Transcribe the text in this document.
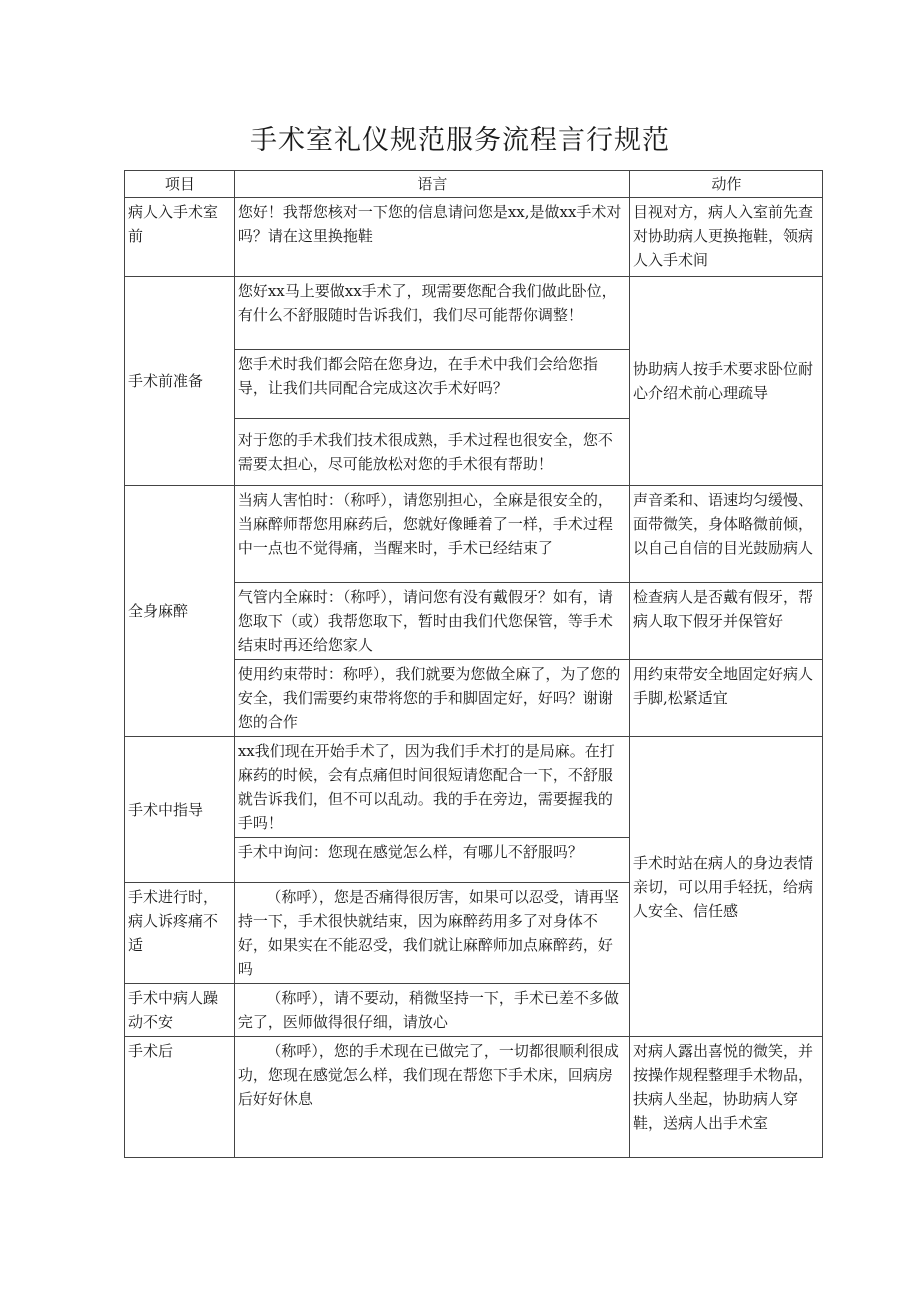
手术室礼仪规范服务流程言行规范
项目	语言	动作
病人入手术室前	您好！我帮您核对一下您的信息请问您是xx,是做xx手术对吗？请在这里换拖鞋	目视对方，病人入室前先查对协助病人更换拖鞋，领病人入手术间
手术前准备	您好xx马上要做xx手术了，现需要您配合我们做此卧位，有什么不舒服随时告诉我们，我们尽可能帮你调整！	协助病人按手术要求卧位耐心介绍术前心理疏导
	您手术时我们都会陪在您身边，在手术中我们会给您指导，让我们共同配合完成这次手术好吗？	
	对于您的手术我们技术很成熟，手术过程也很安全，您不需要太担心，尽可能放松对您的手术很有帮助！	
全身麻醉	当病人害怕时：（称呼），请您别担心，全麻是很安全的，当麻醉师帮您用麻药后，您就好像睡着了一样，手术过程中一点也不觉得痛，当醒来时，手术已经结束了	声音柔和、语速均匀缓慢、面带微笑，身体略微前倾，以自己自信的目光鼓励病人
	气管内全麻时：（称呼），请问您有没有戴假牙？如有，请您取下（或）我帮您取下，暂时由我们代您保管，等手术结束时再还给您家人	检查病人是否戴有假牙，帮病人取下假牙并保管好
	使用约束带时：称呼），我们就要为您做全麻了，为了您的安全，我们需要约束带将您的手和脚固定好，好吗？谢谢您的合作	用约束带安全地固定好病人手脚,松紧适宜
手术中指导	xx我们现在开始手术了，因为我们手术打的是局麻。在打麻药的时候，会有点痛但时间很短请您配合一下，不舒服就告诉我们，但不可以乱动。我的手在旁边，需要握我的手吗！	手术时站在病人的身边表情亲切，可以用手轻抚，给病人安全、信任感
	手术中询问：您现在感觉怎么样，有哪儿不舒服吗？	
手术进行时，病人诉疼痛不适	（称呼），您是否痛得很厉害，如果可以忍受，请再坚持一下，手术很快就结束，因为麻醉药用多了对身体不好，如果实在不能忍受，我们就让麻醉师加点麻醉药，好吗	
手术中病人躁动不安	（称呼），请不要动，稍微坚持一下，手术已差不多做完了，医师做得很仔细，请放心	
手术后	（称呼），您的手术现在已做完了，一切都很顺利很成功，您现在感觉怎么样，我们现在帮您下手术床，回病房后好好休息	对病人露出喜悦的微笑，并按操作规程整理手术物品，扶病人坐起，协助病人穿鞋，送病人出手术室
